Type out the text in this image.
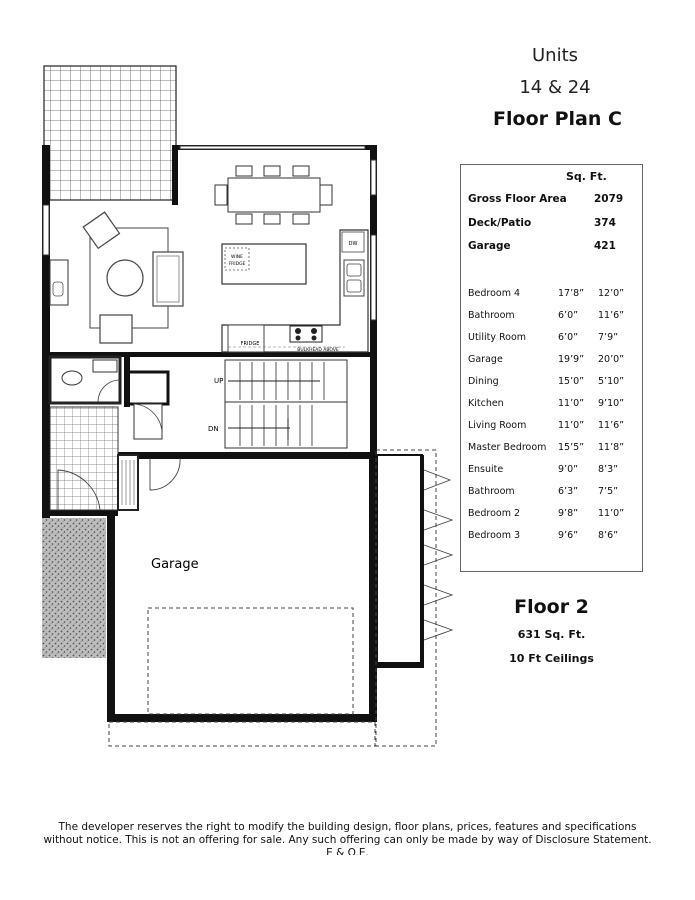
Units
14 & 24
Floor Plan C
WINE
FRIDGE
DW
FRIDGE
BULKHEAD ABOVE
UP
DN
Garage
Sq. Ft.
Gross Floor Area	2079
Deck/Patio	374
Garage	421
Bedroom 4	17’8” 12’0”
Bathroom	6’0” 11’6”
Utility Room	6’0” 7’9”
Garage	19’9” 20’0”
Dining	15’0” 5’10”
Kitchen	11’0” 9’10”
Living Room	11’0” 11’6”
Master Bedroom 15’5” 11’8”
Ensuite	9’0” 8’3”
Bathroom	6’3” 7’5”
Bedroom 2	9’8” 11’0”
Bedroom 3	9’6” 8’6”
Floor 2
631 Sq. Ft.
10 Ft Ceilings
The developer reserves the right to modify the building design, floor plans, prices, features and specifications
without notice. This is not an offering for sale. Any such offering can only be made by way of Disclosure Statement.
E & O.E.
